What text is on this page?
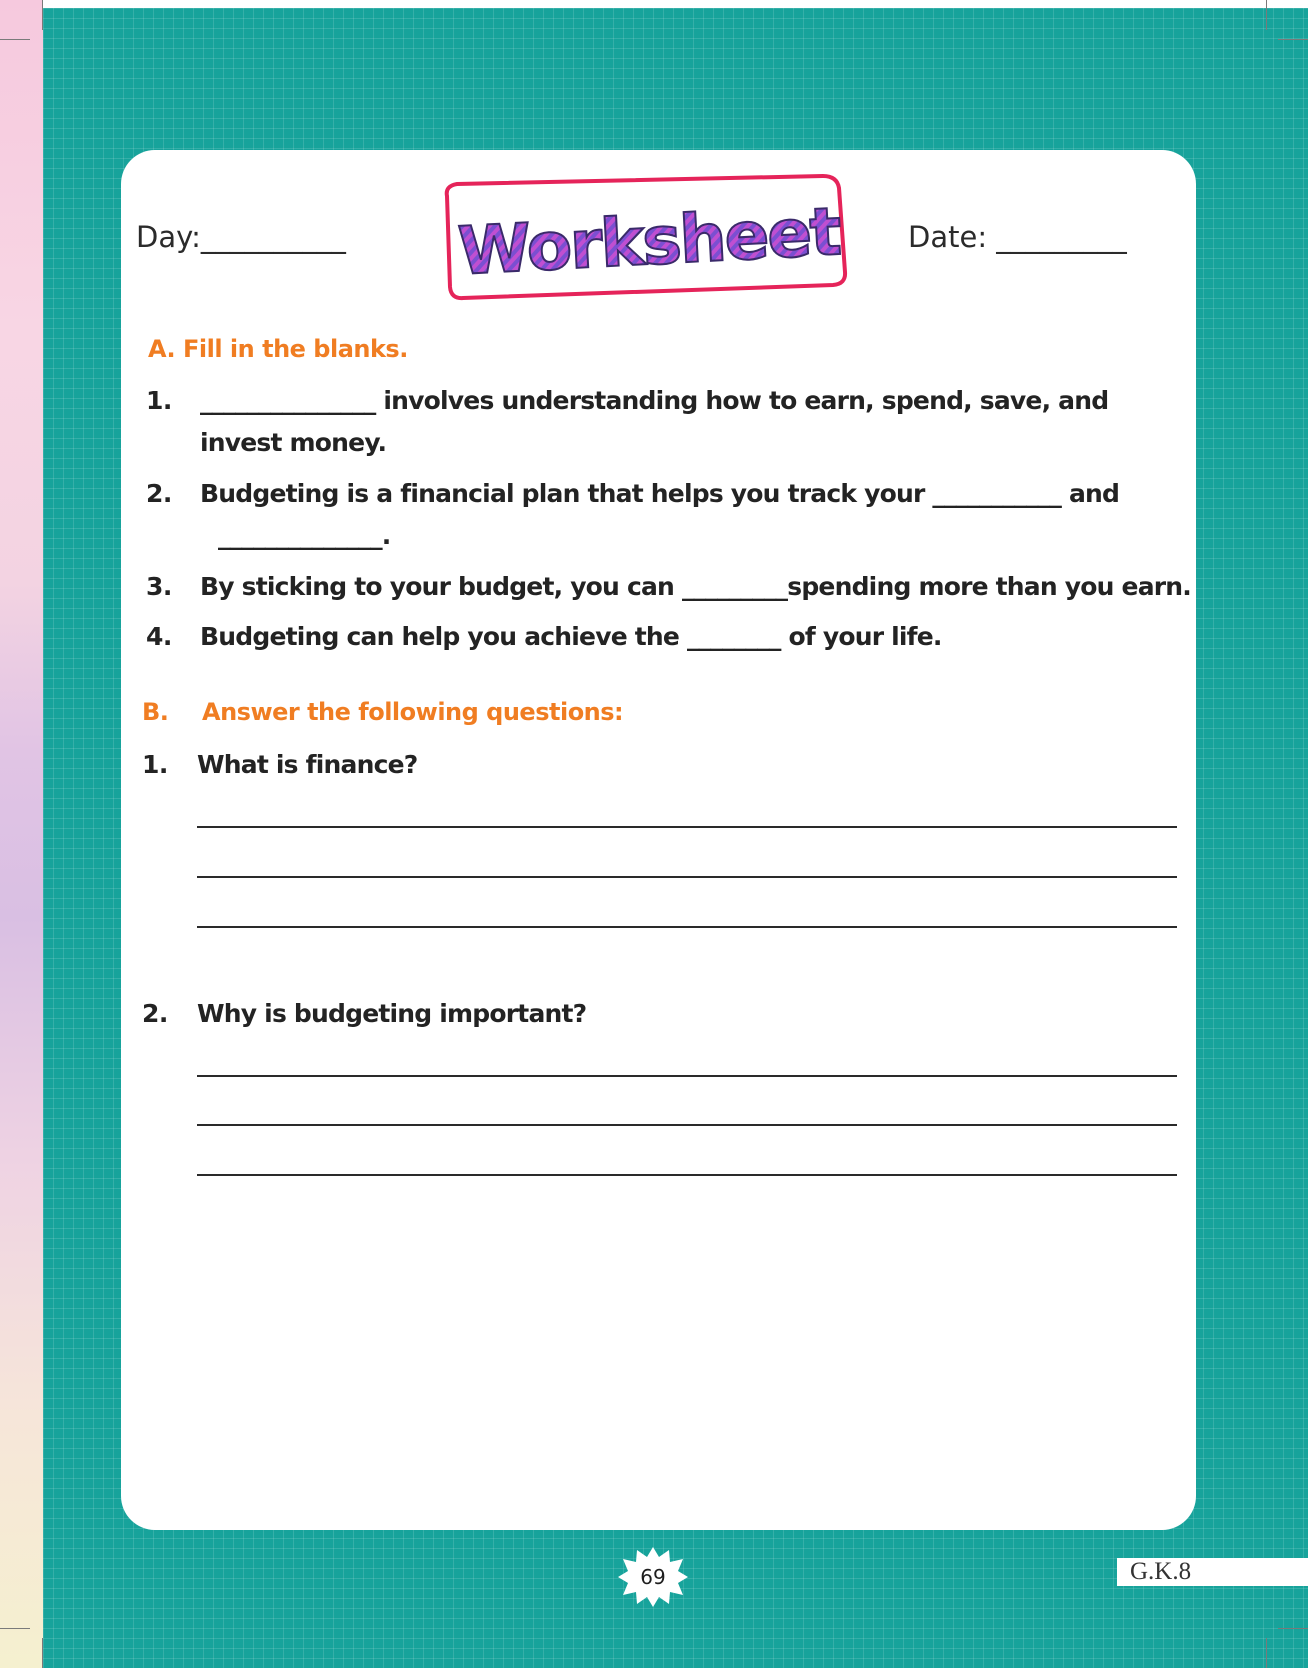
Day:__________	Date: _________
Worksheet
A. Fill in the blanks.
1. _______________ involves understanding how to earn, spend, save, and
invest money.
2. Budgeting is a financial plan that helps you track your ___________ and
______________.
3. By sticking to your budget, you can _________spending more than you earn.
4. Budgeting can help you achieve the ________ of your life.
B. Answer the following questions:
1. What is finance?
2. Why is budgeting important?
69	G.K.8
